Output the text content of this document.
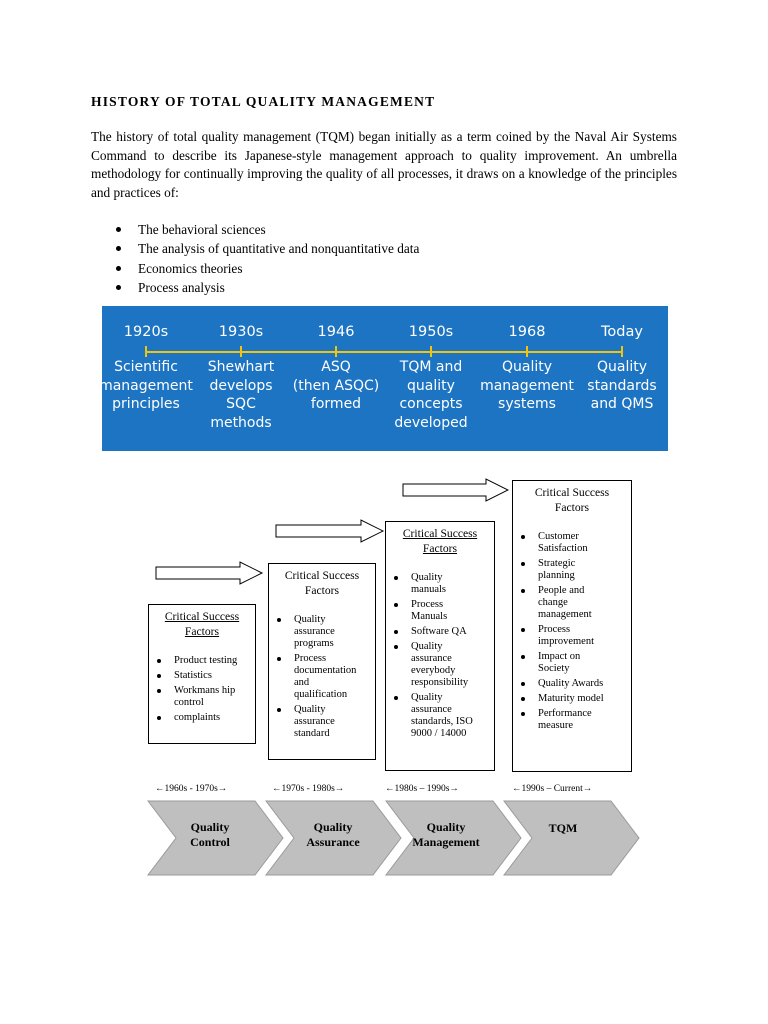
HISTORY OF TOTAL QUALITY MANAGEMENT
The history of total quality management (TQM) began initially as a term coined by the Naval Air Systems Command to describe its Japanese-style management approach to quality improvement. An umbrella methodology for continually improving the quality of all processes, it draws on a knowledge of the principles and practices of:
The behavioral sciences
The analysis of quantitative and nonquantitative data
Economics theories
Process analysis
1920s
Scientific
management
principles
1930s
Shewhart
develops
SQC
methods
1946
ASQ
(then ASQC)
formed
1950s
TQM and
quality
concepts
developed
1968
Quality
management
systems
Today
Quality
standards
and QMS
Critical Success
Factors
Product testing
Statistics
Workmans hip
control
complaints
Critical Success
Factors
Quality
assurance
programs
Process
documentation
and
qualification
Quality
assurance
standard
Critical Success
Factors
Quality
manuals
Process
Manuals
Software QA
Quality
assurance
everybody
responsibility
Quality
assurance
standards, ISO
9000 / 14000
Critical Success
Factors
Customer
Satisfaction
Strategic
planning
People and
change
management
Process
improvement
Impact on
Society
Quality Awards
Maturity model
Performance
measure
←1960s - 1970s→	←1970s - 1980s→	←1980s – 1990s→	←1990s – Current→
Quality
Control
Quality
Assurance
Quality
Management
TQM
